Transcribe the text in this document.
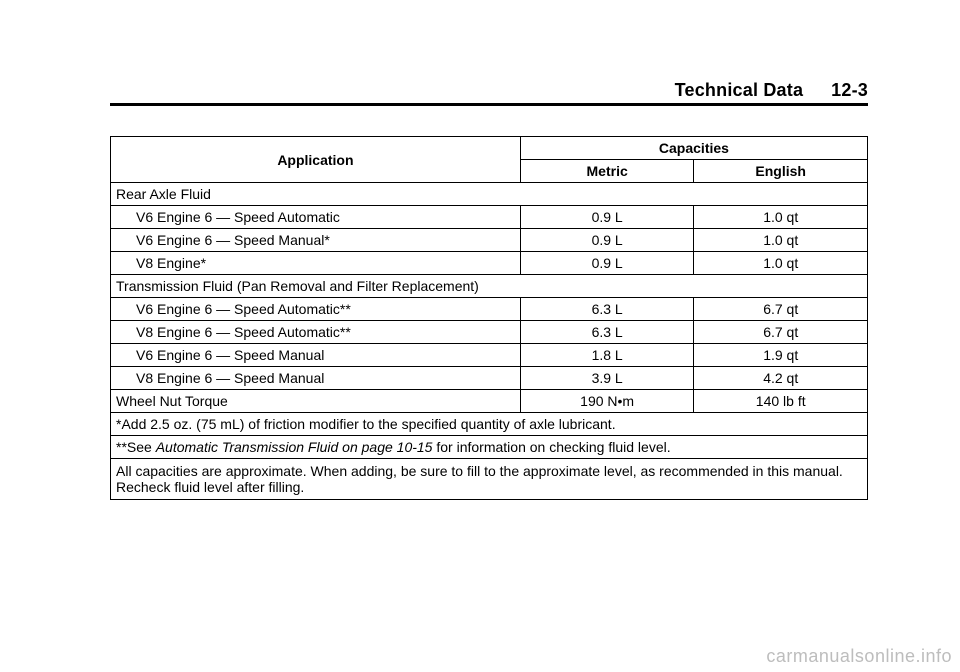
Technical Data 12-3
Application	Capacities	
	Metric	English
Rear Axle Fluid		
V6 Engine 6 — Speed Automatic	0.9 L	1.0 qt
V6 Engine 6 — Speed Manual*	0.9 L	1.0 qt
V8 Engine*	0.9 L	1.0 qt
Transmission Fluid (Pan Removal and Filter Replacement)		
V6 Engine 6 — Speed Automatic**	6.3 L	6.7 qt
V8 Engine 6 — Speed Automatic**	6.3 L	6.7 qt
V6 Engine 6 — Speed Manual	1.8 L	1.9 qt
V8 Engine 6 — Speed Manual	3.9 L	4.2 qt
Wheel Nut Torque	190 N•m	140 lb ft
*Add 2.5 oz. (75 mL) of friction modifier to the specified quantity of axle lubricant.		
**See Automatic Transmission Fluid on page 10-15 for information on checking fluid level.		
All capacities are approximate. When adding, be sure to fill to the approximate level, as recommended in this manual. Recheck fluid level after filling.		
carmanualsonline.info
